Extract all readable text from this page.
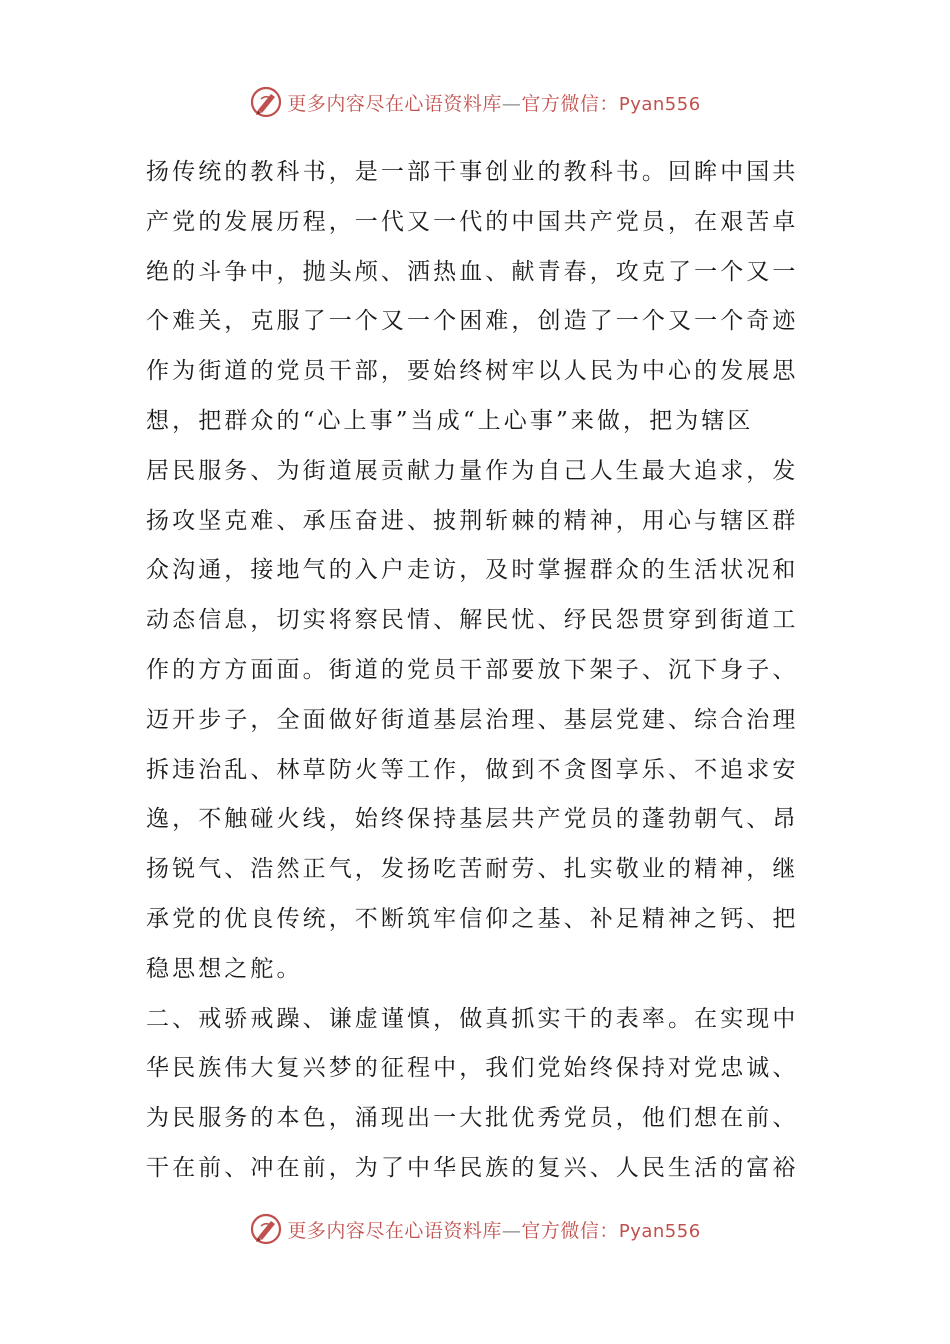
更多内容尽在心语资料库—官方微信：Pyan556
扬传统的教科书，是一部干事创业的教科书。回眸中国共
产党的发展历程，一代又一代的中国共产党员，在艰苦卓
绝的斗争中，抛头颅、洒热血、献青春，攻克了一个又一
个难关，克服了一个又一个困难，创造了一个又一个奇迹
作为街道的党员干部，要始终树牢以人民为中心的发展思
想，把群众的“心上事”当成“上心事”来做，把为辖区
居民服务、为街道展贡献力量作为自己人生最大追求，发
扬攻坚克难、承压奋进、披荆斩棘的精神，用心与辖区群
众沟通，接地气的入户走访，及时掌握群众的生活状况和
动态信息，切实将察民情、解民忧、纾民怨贯穿到街道工
作的方方面面。街道的党员干部要放下架子、沉下身子、
迈开步子，全面做好街道基层治理、基层党建、综合治理
拆违治乱、林草防火等工作，做到不贪图享乐、不追求安
逸，不触碰火线，始终保持基层共产党员的蓬勃朝气、昂
扬锐气、浩然正气，发扬吃苦耐劳、扎实敬业的精神，继
承党的优良传统，不断筑牢信仰之基、补足精神之钙、把
稳思想之舵。
二、戒骄戒躁、谦虚谨慎，做真抓实干的表率。在实现中
华民族伟大复兴梦的征程中，我们党始终保持对党忠诚、
为民服务的本色，涌现出一大批优秀党员，他们想在前、
干在前、冲在前，为了中华民族的复兴、人民生活的富裕
更多内容尽在心语资料库—官方微信：Pyan556
